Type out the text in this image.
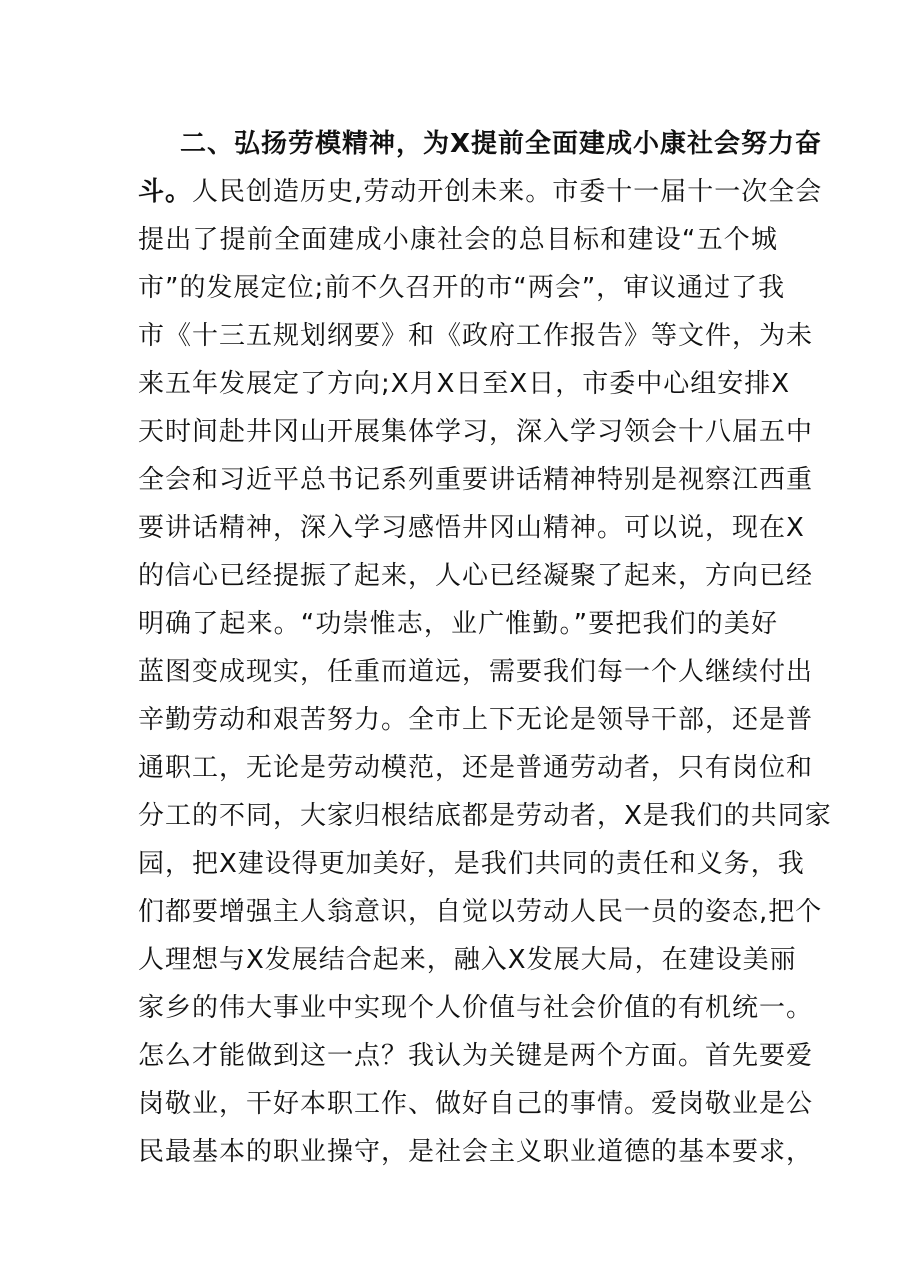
二、弘扬劳模精神，为X提前全面建成小康社会努力奋
斗。人民创造历史,劳动开创未来。市委十一届十一次全会
提出了提前全面建成小康社会的总目标和建设“五个城
市”的发展定位;前不久召开的市“两会”，审议通过了我
市《十三五规划纲要》和《政府工作报告》等文件，为未
来五年发展定了方向;X月X日至X日，市委中心组安排X
天时间赴井冈山开展集体学习，深入学习领会十八届五中
全会和习近平总书记系列重要讲话精神特别是视察江西重
要讲话精神，深入学习感悟井冈山精神。可以说，现在X
的信心已经提振了起来，人心已经凝聚了起来，方向已经
明确了起来。“功崇惟志，业广惟勤。”要把我们的美好
蓝图变成现实，任重而道远，需要我们每一个人继续付出
辛勤劳动和艰苦努力。全市上下无论是领导干部，还是普
通职工，无论是劳动模范，还是普通劳动者，只有岗位和
分工的不同，大家归根结底都是劳动者，X是我们的共同家
园，把X建设得更加美好，是我们共同的责任和义务，我
们都要增强主人翁意识，自觉以劳动人民一员的姿态,把个
人理想与X发展结合起来，融入X发展大局，在建设美丽
家乡的伟大事业中实现个人价值与社会价值的有机统一。
怎么才能做到这一点？我认为关键是两个方面。首先要爱
岗敬业，干好本职工作、做好自己的事情。爱岗敬业是公
民最基本的职业操守，是社会主义职业道德的基本要求，
